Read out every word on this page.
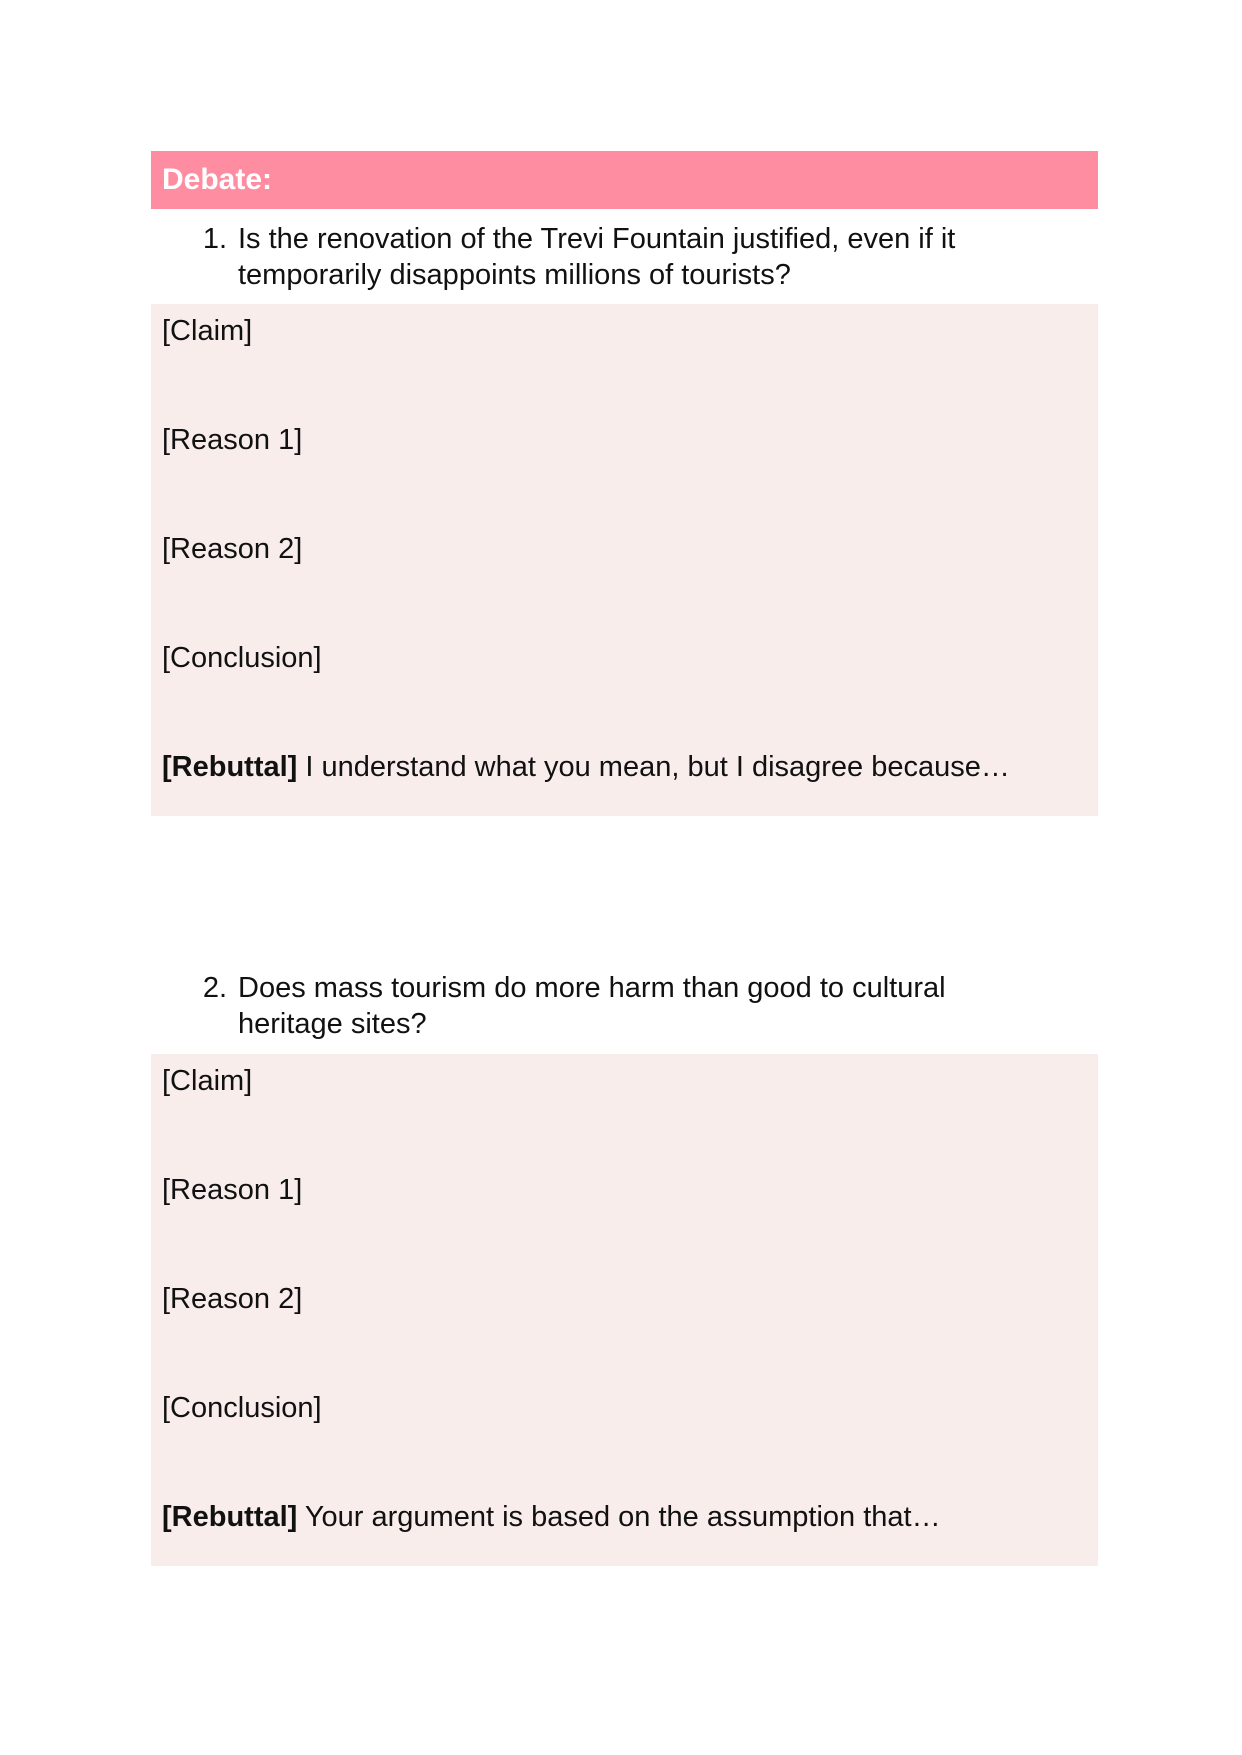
Debate:
1. Is the renovation of the Trevi Fountain justified, even if it temporarily disappoints millions of tourists?
[Claim]
[Reason 1]
[Reason 2]
[Conclusion]
[Rebuttal] I understand what you mean, but I disagree because…
2. Does mass tourism do more harm than good to cultural heritage sites?
[Claim]
[Reason 1]
[Reason 2]
[Conclusion]
[Rebuttal] Your argument is based on the assumption that…
